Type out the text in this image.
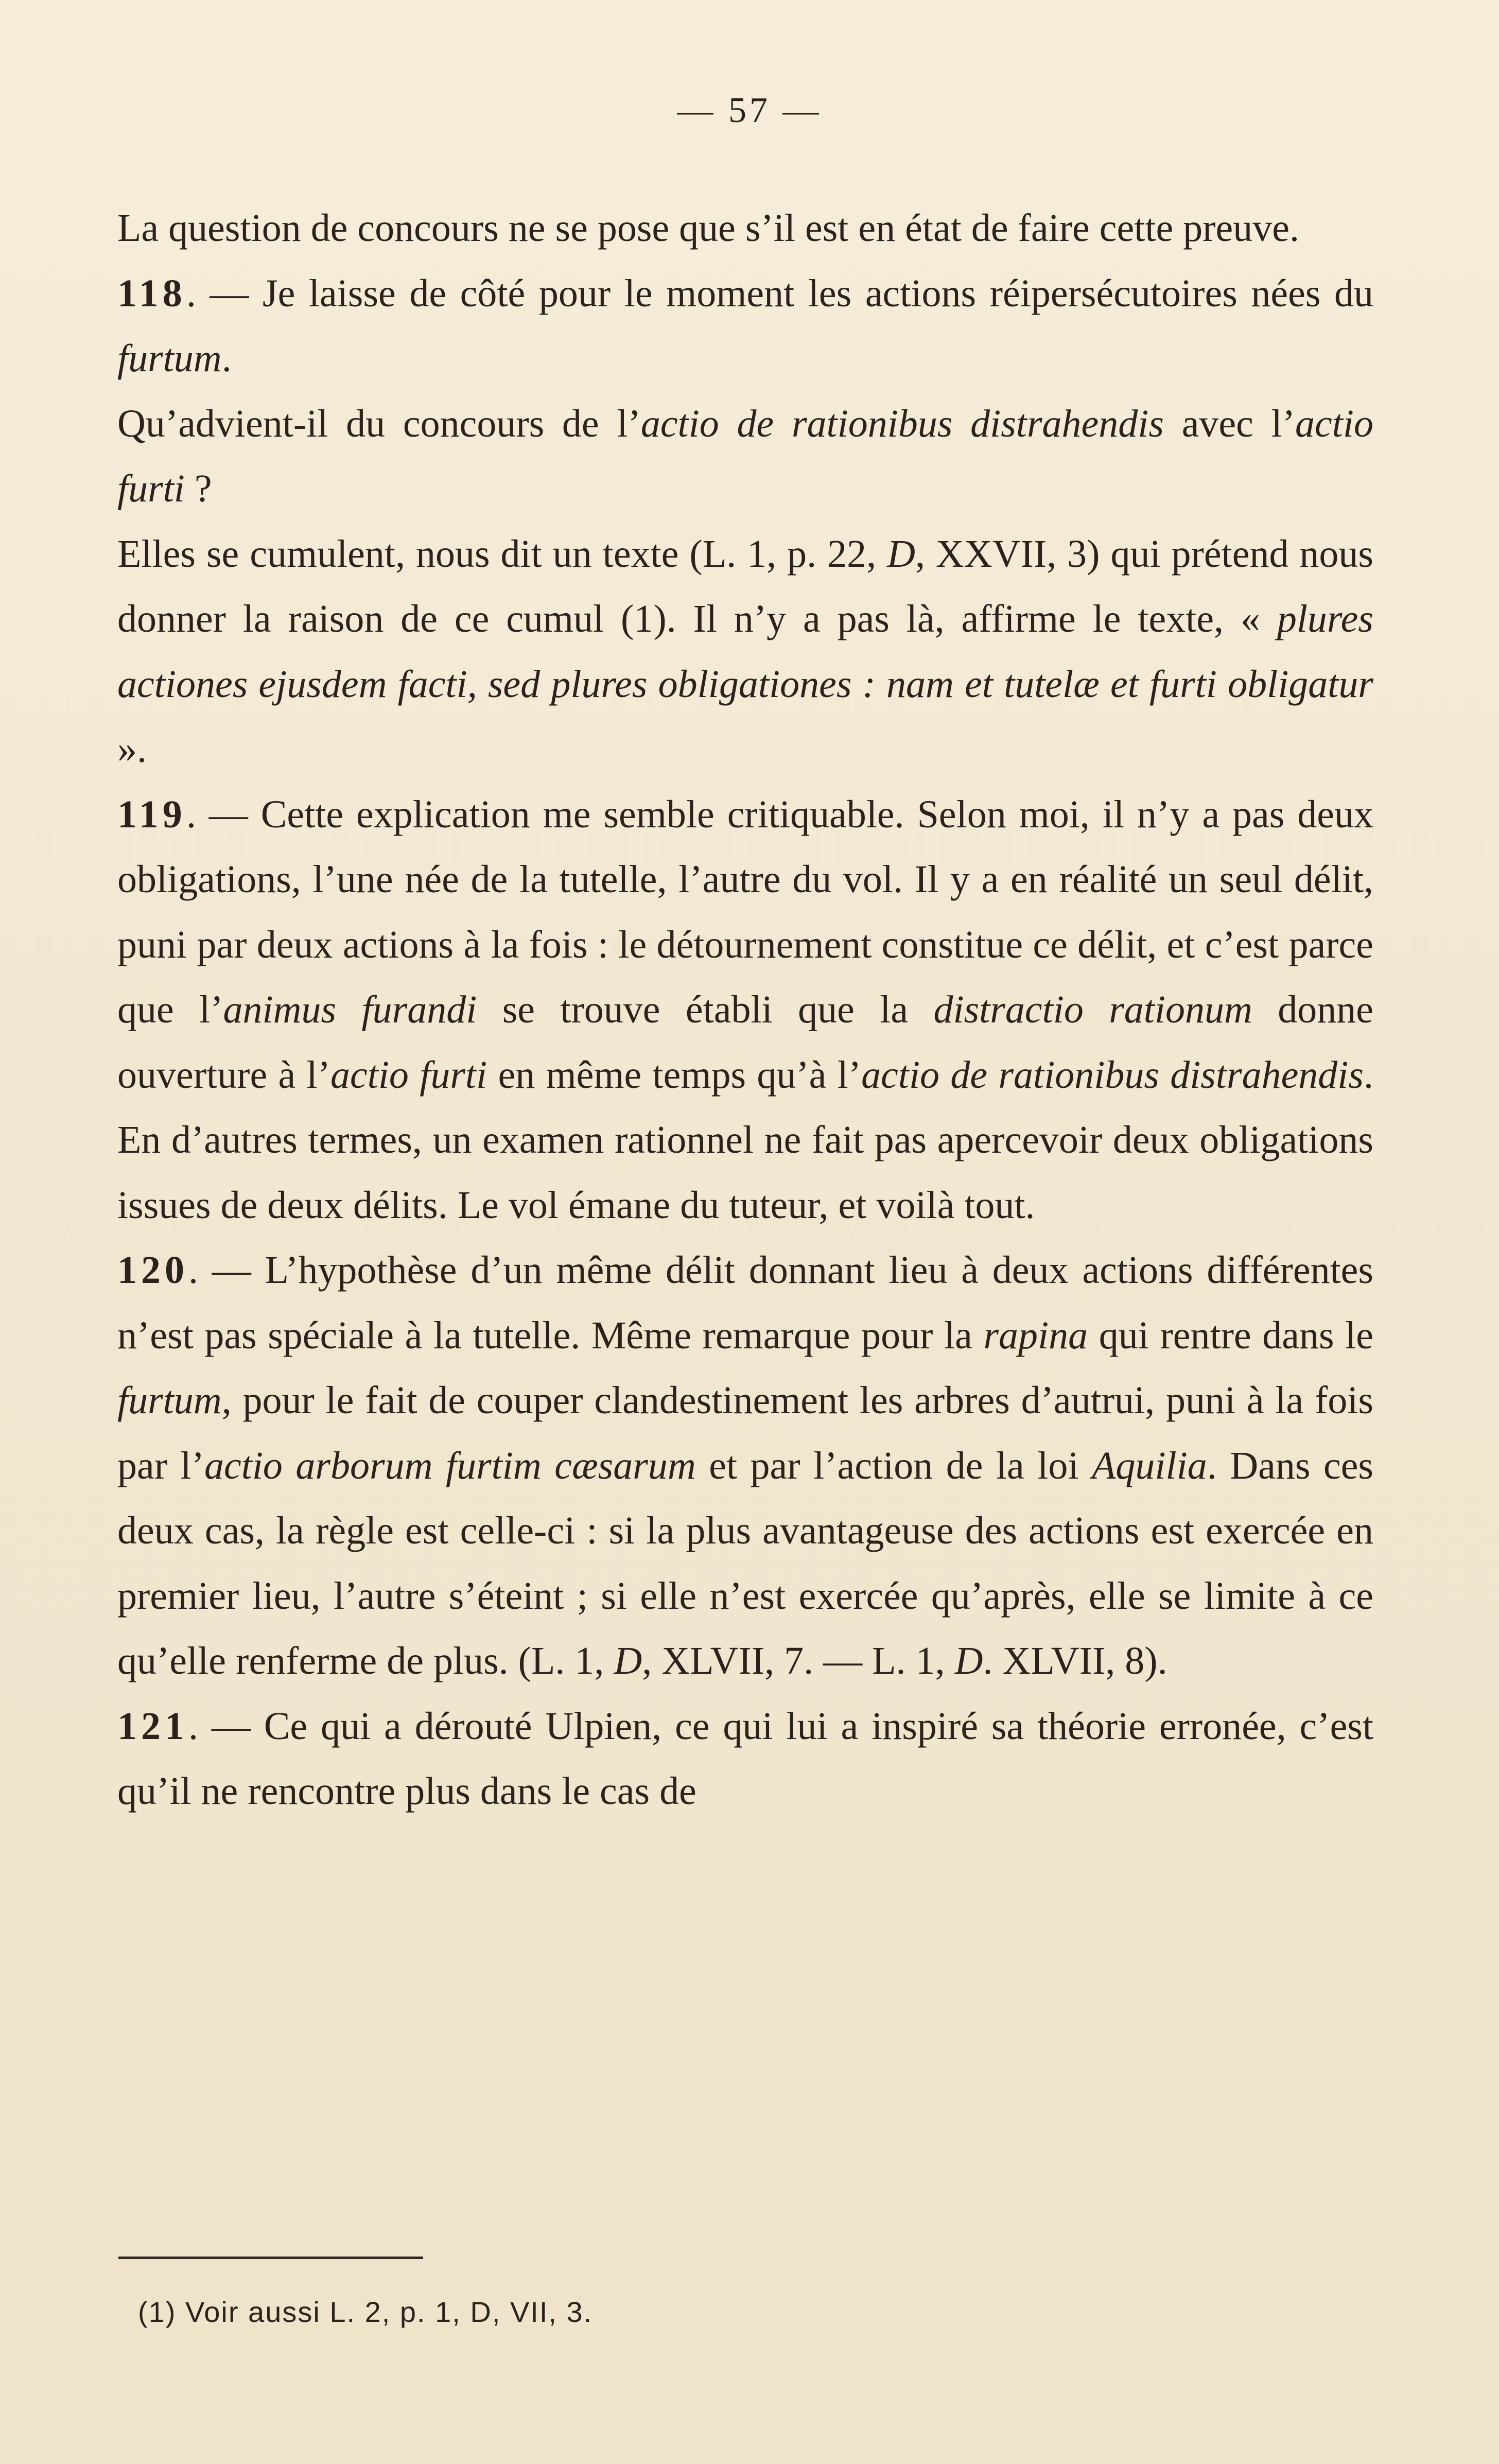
— 57 —

La question de concours ne se pose que s’il est en état de faire cette preuve.

118. — Je laisse de côté pour le moment les actions réipersécutoires nées du furtum.

Qu’advient-il du concours de l’actio de rationibus distrahendis avec l’actio furti ?

Elles se cumulent, nous dit un texte (L. 1, p. 22, D, XXVII, 3) qui prétend nous donner la raison de ce cumul (1). Il n’y a pas là, affirme le texte, « plures actiones ejusdem facti, sed plures obligationes : nam et tutelæ et furti obligatur ».

119. — Cette explication me semble critiquable. Selon moi, il n’y a pas deux obligations, l’une née de la tutelle, l’autre du vol. Il y a en réalité un seul délit, puni par deux actions à la fois : le détournement constitue ce délit, et c’est parce que l’animus furandi se trouve établi que la distractio rationum donne ouverture à l’actio furti en même temps qu’à l’actio de rationibus distrahendis. En d’autres termes, un examen rationnel ne fait pas apercevoir deux obligations issues de deux délits. Le vol émane du tuteur, et voilà tout.

120. — L’hypothèse d’un même délit donnant lieu à deux actions différentes n’est pas spéciale à la tutelle. Même remarque pour la rapina qui rentre dans le furtum, pour le fait de couper clandestinement les arbres d’autrui, puni à la fois par l’actio arborum furtim cæsarum et par l’action de la loi Aquilia. Dans ces deux cas, la règle est celle-ci : si la plus avantageuse des actions est exercée en premier lieu, l’autre s’éteint ; si elle n’est exercée qu’après, elle se limite à ce qu’elle renferme de plus. (L. 1, D, XLVII, 7. — L. 1, D. XLVII, 8).

121. — Ce qui a dérouté Ulpien, ce qui lui a inspiré sa théorie erronée, c’est qu’il ne rencontre plus dans le cas de

(1) Voir aussi L. 2, p. 1, D, VII, 3.
